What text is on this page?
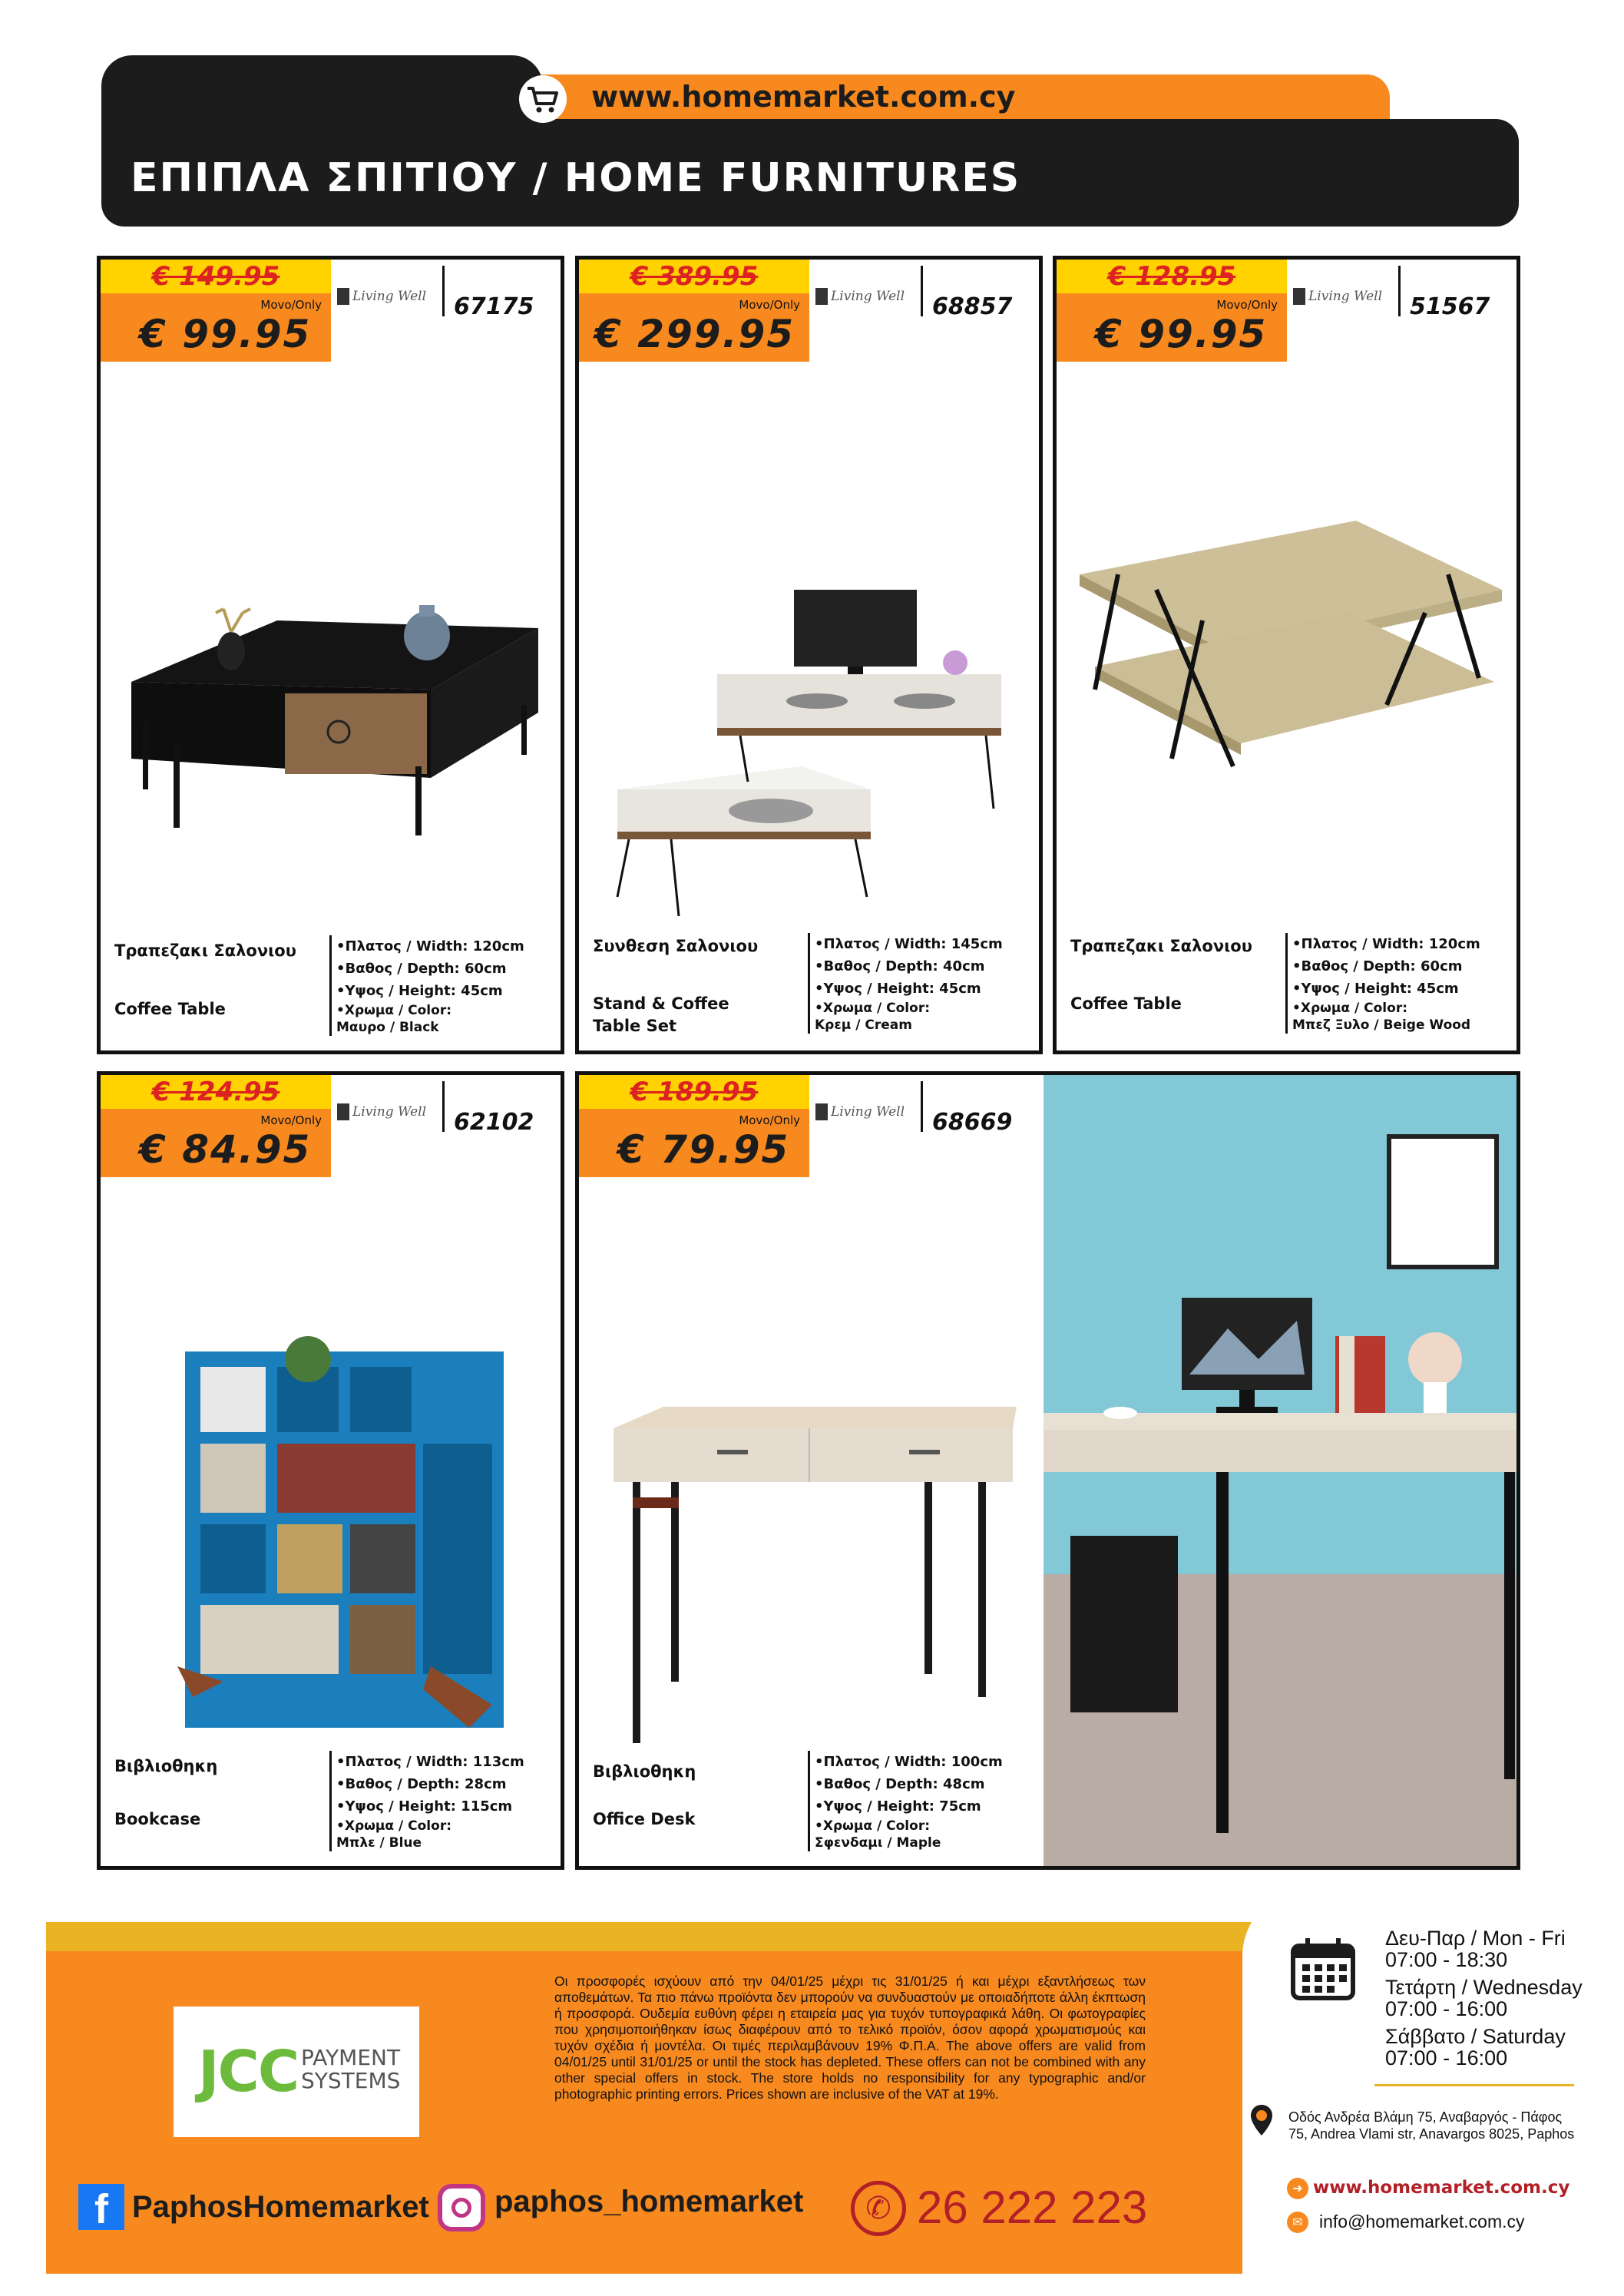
www.homemarket.com.cy
ΕΠΙΠΛΑ ΣΠΙΤΙΟΥ / HOME FURNITURES
€ 149.95
Movo/Only
€ 99.95
Living Well	67175
Τραπεζακι Σαλονιου
Coffee Table
•Πλατος / Width: 120cm
•Βαθος / Depth: 60cm
•Υψος / Height: 45cm
•Χρωμα / Color:
Μαυρο / Black
€ 389.95
Movo/Only
€ 299.95
Living Well	68857
Συνθεση Σαλονιου
Stand & Coffee
Table Set
•Πλατος / Width: 145cm
•Βαθος / Depth: 40cm
•Υψος / Height: 45cm
•Χρωμα / Color:
Κρεμ / Cream
€ 128.95
Movo/Only
€ 99.95
Living Well	51567
Τραπεζακι Σαλονιου
Coffee Table
•Πλατος / Width: 120cm
•Βαθος / Depth: 60cm
•Υψος / Height: 45cm
•Χρωμα / Color:
Μπεζ Ξυλο / Beige Wood
€ 124.95
Movo/Only
€ 84.95
Living Well	62102
Βιβλιοθηκη
Bookcase
•Πλατος / Width: 113cm
•Βαθος / Depth: 28cm
•Υψος / Height: 115cm
•Χρωμα / Color:
Μπλε / Blue
€ 189.95
Movo/Only
€ 79.95
Living Well	68669
Βιβλιοθηκη
Office Desk
•Πλατος / Width: 100cm
•Βαθος / Depth: 48cm
•Υψος / Height: 75cm
•Χρωμα / Color:
Σφενδαμι / Maple
JCC PAYMENT
SYSTEMS
Οι προσφορές ισχύουν από την 04/01/25 μέχρι τις 31/01/25 ή και μέχρι εξαντλήσεως των αποθεμάτων. Τα πιο πάνω προϊόντα δεν μπορούν να συνδυαστούν με οποιαδήποτε άλλη έκπτωση ή προσφορά. Ουδεμία ευθύνη φέρει η εταιρεία μας για τυχόν τυπογραφικά λάθη. Οι φωτογραφίες που χρησιμοποιήθηκαν ίσως διαφέρουν από το τελικό προϊόν, όσον αφορά χρωματισμούς και τυχόν σχέδια ή μοντέλα. Οι τιμές περιλαμβάνουν 19% Φ.Π.Α. The above offers are valid from 04/01/25 until 31/01/25 or until the stock has depleted. These offers can not be combined with any other special offers in stock. The store holds no responsibility for any typographic and/or photographic printing errors. Prices shown are inclusive of the VAT at 19%.
f PaphosHomemarket paphos_homemarket	✆ 26 222 223
Δευ-Παρ / Mon - Fri
07:00 - 18:30
Τετάρτη / Wednesday
07:00 - 16:00
Σάββατο / Saturday
07:00 - 16:00
Οδός Ανδρέα Βλάμη 75, Αναβαργός - Πάφος
75, Andrea Vlami str, Anavargos 8025, Paphos
➜ www.homemarket.com.cy
✉ info@homemarket.com.cy
